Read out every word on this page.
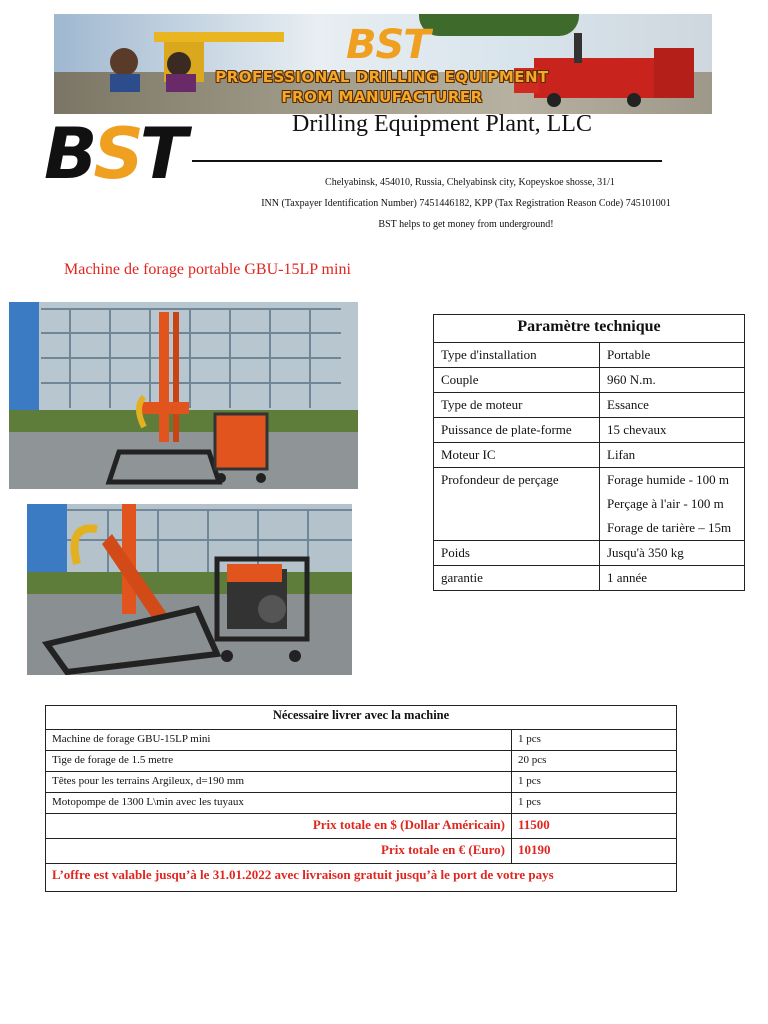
BST
PROFESSIONAL DRILLING EQUIPMENT
FROM MANUFACTURER
BST	Drilling Equipment Plant, LLC
Chelyabinsk, 454010, Russia, Chelyabinsk city, Kopeyskoe shosse, 31/1
INN (Taxpayer Identification Number) 7451446182, KPP (Tax Registration Reason Code) 745101001
BST helps to get money from underground!
Machine de forage portable GBU-15LP mini
Paramètre technique	
Type d'installation	Portable
Couple	960 N.m.
Type de moteur	Essance
Puissance de plate-forme	15 chevaux
Moteur IC	Lifan
Profondeur de perçage	Forage humide - 100 m

Perçage à l'air - 100 m

Forage de tarière – 15m

Poids	Jusqu'à 350 kg
garantie	1 année
Nécessaire livrer avec la machine	
Machine de forage GBU-15LP mini	1 pcs
Tige de forage de 1.5 metre	20 pcs
Têtes pour les terrains Argileux, d=190 mm	1 pcs
Motopompe de 1300 L\min avec les tuyaux	1 pcs
Prix totale en $ (Dollar Américain)	11500
Prix totale en € (Euro)	10190
L’offre est valable jusqu’à le 31.01.2022 avec livraison gratuit jusqu’à le port de votre pays	
